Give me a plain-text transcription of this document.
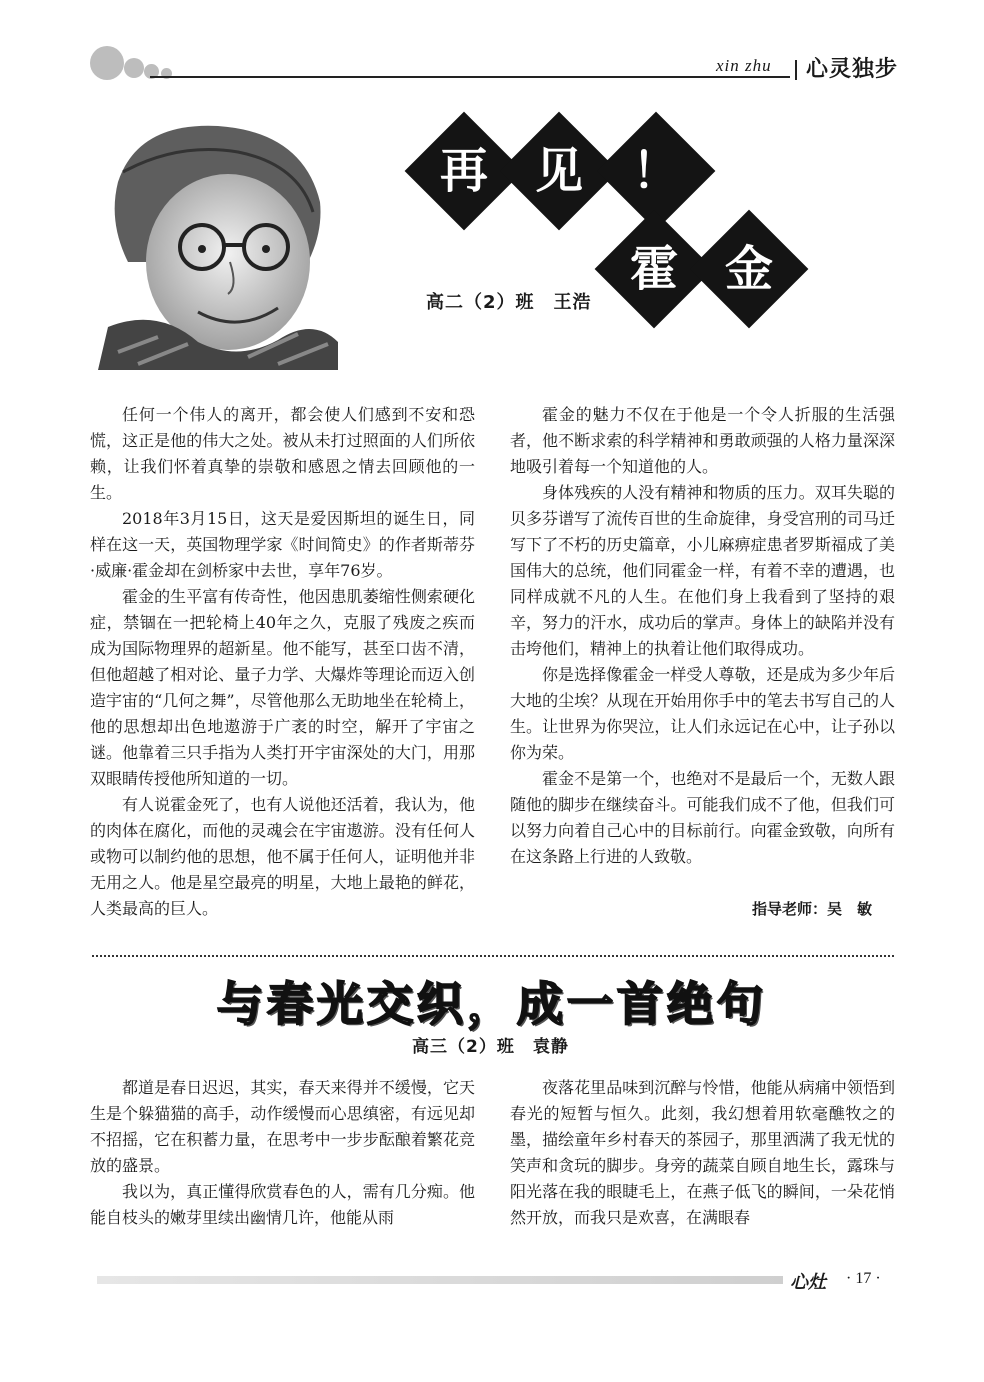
xin zhu 心灵独步
再 见	！
霍 金
高二（2）班　王浩

任何一个伟人的离开，都会使人们感到不安和恐慌，这正是他的伟大之处。被从未打过照面的人们所依赖，让我们怀着真挚的崇敬和感恩之情去回顾他的一生。

2018年3月15日，这天是爱因斯坦的诞生日，同样在这一天，英国物理学家《时间简史》的作者斯蒂芬·威廉·霍金却在剑桥家中去世，享年76岁。

霍金的生平富有传奇性，他因患肌萎缩性侧索硬化症，禁锢在一把轮椅上40年之久，克服了残废之疾而成为国际物理界的超新星。他不能写，甚至口齿不清，但他超越了相对论、量子力学、大爆炸等理论而迈入创造宇宙的“几何之舞”，尽管他那么无助地坐在轮椅上，他的思想却出色地遨游于广袤的时空，解开了宇宙之谜。他靠着三只手指为人类打开宇宙深处的大门，用那双眼睛传授他所知道的一切。

有人说霍金死了，也有人说他还活着，我认为，他的肉体在腐化，而他的灵魂会在宇宙遨游。没有任何人或物可以制约他的思想，他不属于任何人，证明他并非无用之人。他是星空最亮的明星，大地上最艳的鲜花，人类最高的巨人。

霍金的魅力不仅在于他是一个令人折服的生活强者，他不断求索的科学精神和勇敢顽强的人格力量深深地吸引着每一个知道他的人。

身体残疾的人没有精神和物质的压力。双耳失聪的贝多芬谱写了流传百世的生命旋律，身受宫刑的司马迁写下了不朽的历史篇章，小儿麻痹症患者罗斯福成了美国伟大的总统，他们同霍金一样，有着不幸的遭遇，也同样成就不凡的人生。在他们身上我看到了坚持的艰辛，努力的汗水，成功后的掌声。身体上的缺陷并没有击垮他们，精神上的执着让他们取得成功。

你是选择像霍金一样受人尊敬，还是成为多少年后大地的尘埃？从现在开始用你手中的笔去书写自己的人生。让世界为你哭泣，让人们永远记在心中，让子孙以你为荣。

霍金不是第一个，也绝对不是最后一个，无数人跟随他的脚步在继续奋斗。可能我们成不了他，但我们可以努力向着自己心中的目标前行。向霍金致敬，向所有在这条路上行进的人致敬。

指导老师：吴　敏
与春光交织，成一首绝句
高三（2）班　袁静

都道是春日迟迟，其实，春天来得并不缓慢，它天生是个躲猫猫的高手，动作缓慢而心思缜密，有远见却不招摇，它在积蓄力量，在思考中一步步酝酿着繁花竞放的盛景。

我以为，真正懂得欣赏春色的人，需有几分痴。他能自枝头的嫩芽里续出幽情几许，他能从雨

夜落花里品味到沉醉与怜惜，他能从病痛中领悟到春光的短暂与恒久。此刻，我幻想着用软毫醮牧之的墨，描绘童年乡村春天的茶园子，那里洒满了我无忧的笑声和贪玩的脚步。身旁的蔬菜自顾自地生长，露珠与阳光落在我的眼睫毛上，在燕子低飞的瞬间，一朵花悄然开放，而我只是欢喜，在满眼春

心灶 · 17 ·
